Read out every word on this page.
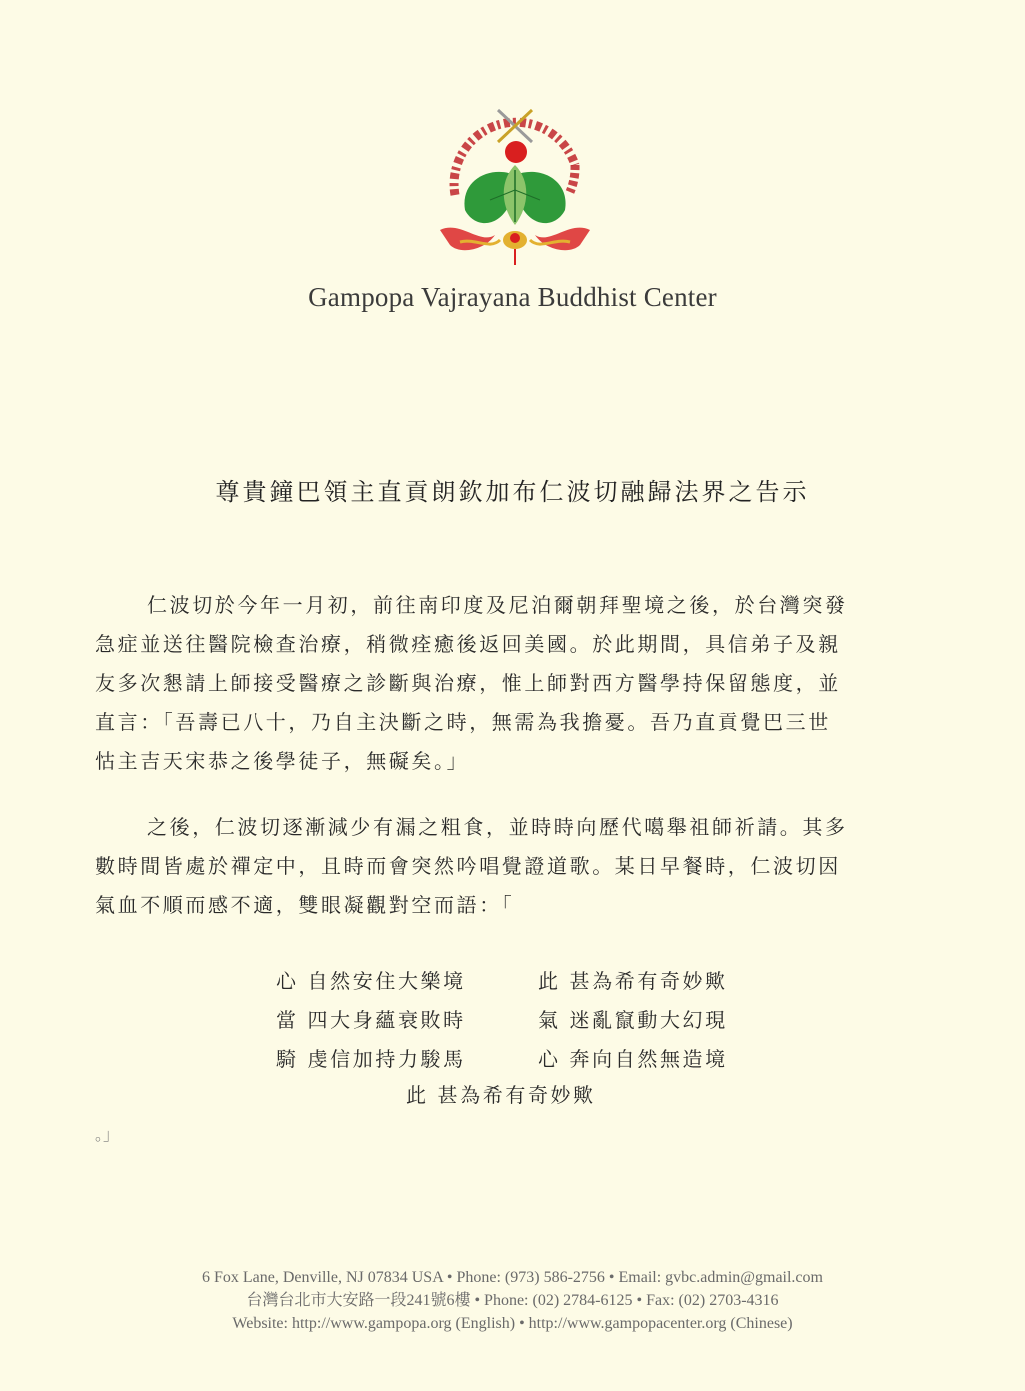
Gampopa Vajrayana Buddhist Center
尊貴鐘巴領主直貢朗欽加布仁波切融歸法界之告示

仁波切於今年一月初，前往南印度及尼泊爾朝拜聖境之後，於台灣突發

急症並送往醫院檢查治療，稍微痊癒後返回美國。於此期間，具信弟子及親

友多次懇請上師接受醫療之診斷與治療，惟上師對西方醫學持保留態度，並

直言：「吾壽已八十，乃自主決斷之時，無需為我擔憂。吾乃直貢覺巴三世

怙主吉天宋恭之後學徒子，無礙矣。」

之後，仁波切逐漸減少有漏之粗食，並時時向歷代噶舉祖師祈請。其多

數時間皆處於禪定中，且時而會突然吟唱覺證道歌。某日早餐時，仁波切因

氣血不順而感不適，雙眼凝觀對空而語：「

心 自然安住大樂境	此 甚為希有奇妙歟
當 四大身蘊衰敗時	氣 迷亂竄動大幻現
騎 虔信加持力駿馬	心 奔向自然無造境
此 甚為希有奇妙歟
。」
6 Fox Lane, Denville, NJ 07834 USA • Phone: (973) 586-2756 • Email: gvbc.admin@gmail.com
台灣台北市大安路一段241號6樓 • Phone: (02) 2784-6125 • Fax: (02) 2703-4316
Website: http://www.gampopa.org (English) • http://www.gampopacenter.org (Chinese)
